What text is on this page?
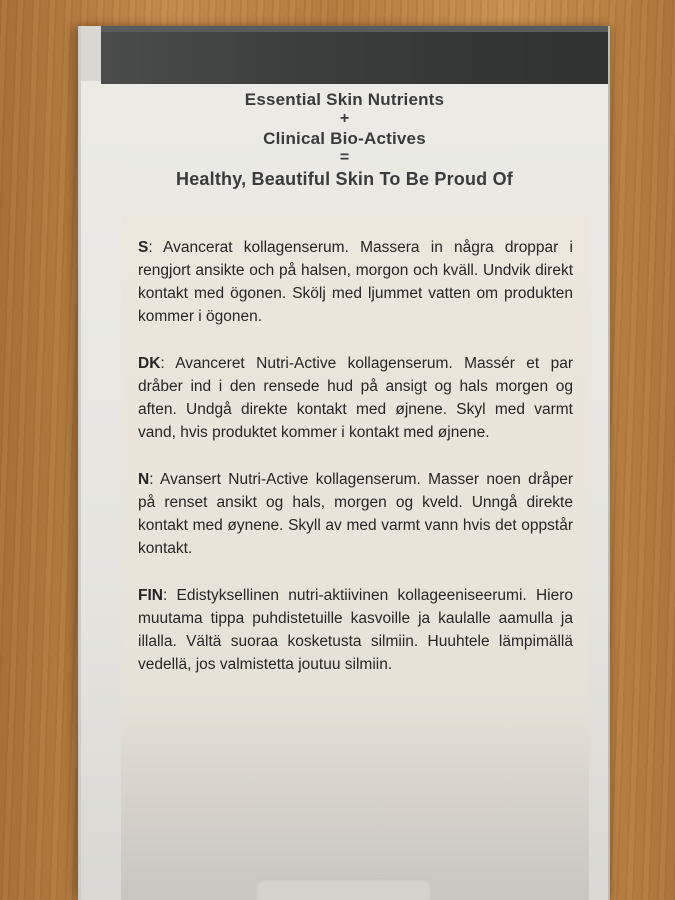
Essential Skin Nutrients
+
Clinical Bio-Actives
=
Healthy, Beautiful Skin To Be Proud Of

S: Avancerat kollagenserum. Massera in några droppar i rengjort ansikte och på halsen, morgon och kväll. Undvik direkt kontakt med ögonen. Skölj med ljummet vatten om produkten kommer i ögonen.

DK: Avanceret Nutri-Active kollagenserum. Massér et par dråber ind i den rensede hud på ansigt og hals morgen og aften. Undgå direkte kontakt med øjnene. Skyl med varmt vand, hvis produktet kommer i kontakt med øjnene.

N: Avansert Nutri-Active kollagenserum. Masser noen dråper på renset ansikt og hals, morgen og kveld. Unngå direkte kontakt med øynene. Skyll av med varmt vann hvis det oppstår kontakt.

FIN: Edistyksellinen nutri-aktiivinen kollageeniseerumi. Hiero muutama tippa puhdistetuille kasvoille ja kaulalle aamulla ja illalla. Vältä suoraa kosketusta silmiin. Huuhtele lämpimällä vedellä, jos valmistetta joutuu silmiin.
